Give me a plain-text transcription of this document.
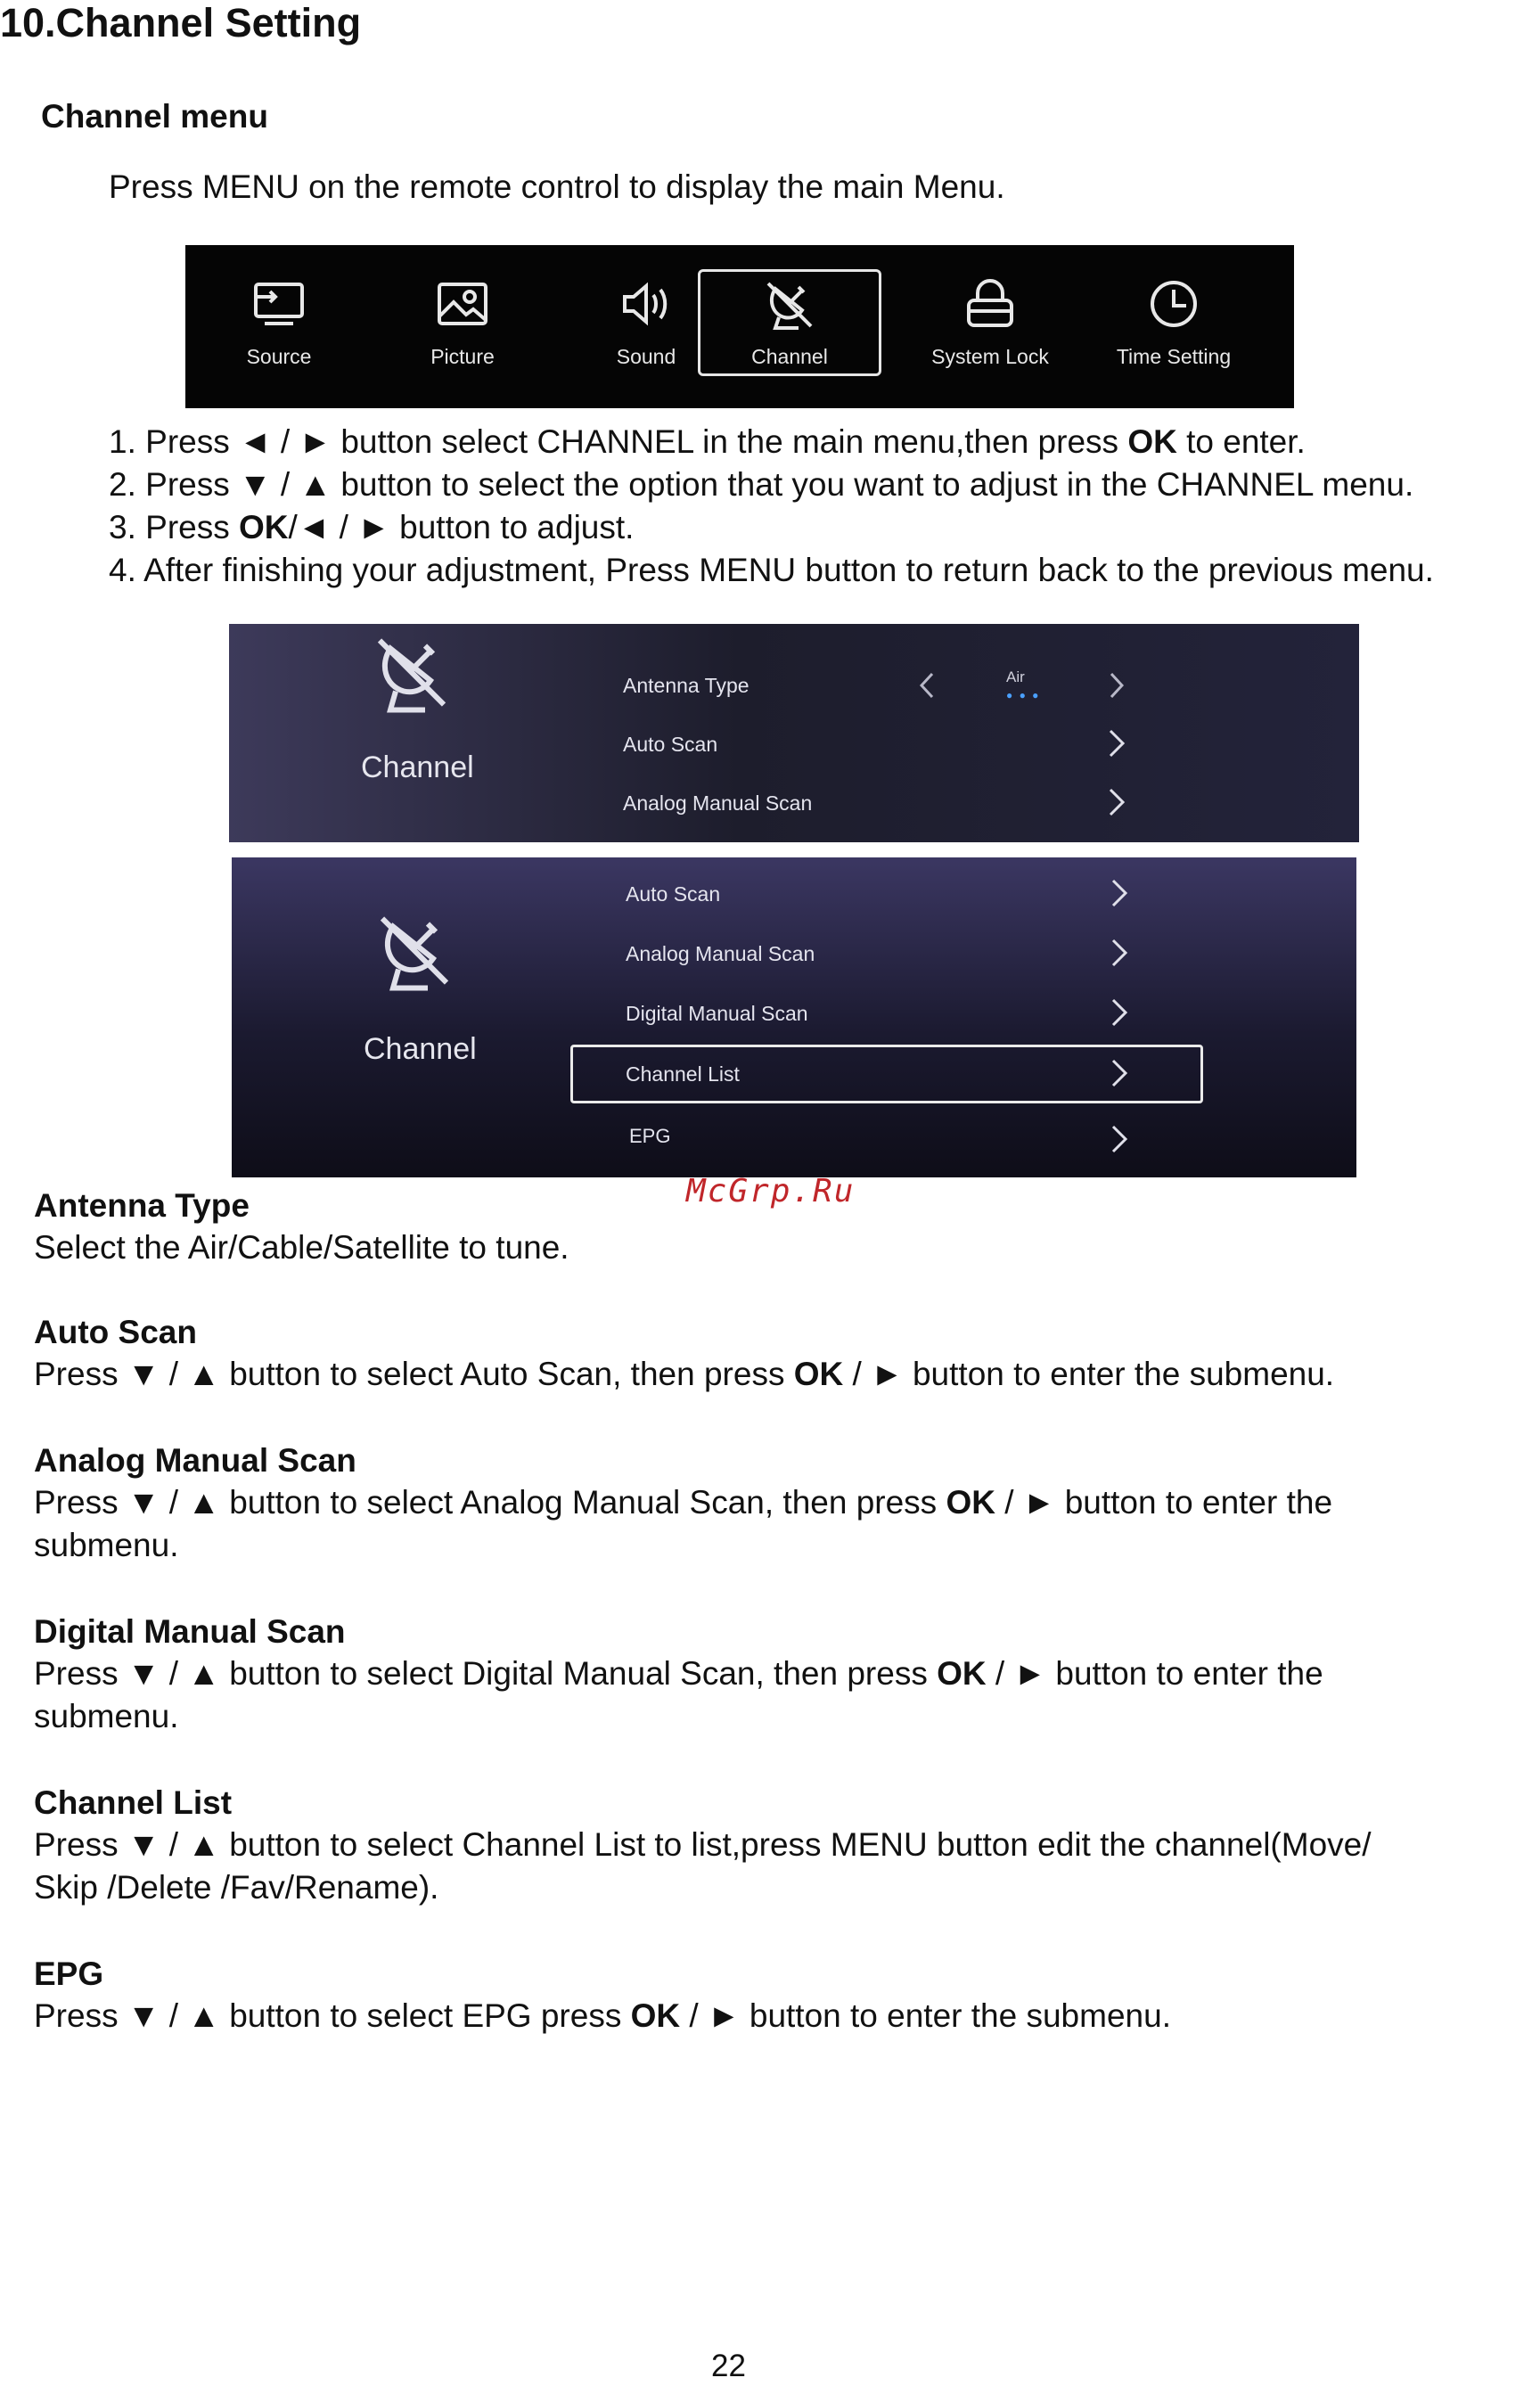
10.Channel Setting
Channel menu
Press MENU on the remote control to display the main Menu.
Source	Picture	Sound	Channel	System Lock	Time Setting
1. Press ◄ / ► button select CHANNEL in the main menu,then press OK to enter.
2. Press ▼ / ▲ button to select the option that you want to adjust in the CHANNEL menu.
3. Press OK/◄ / ► button to adjust.
4. After finishing your adjustment, Press MENU button to return back to the previous menu.
Channel
Antenna Type	Air
● ● ●
Auto Scan
Analog Manual Scan
Channel
Auto Scan
Analog Manual Scan
Digital Manual Scan
Channel List
EPG
McGrp.Ru
Antenna Type
Select the Air/Cable/Satellite to tune.
Auto Scan
Press ▼ / ▲ button to select Auto Scan, then press OK / ► button to enter the submenu.
Analog Manual Scan
Press ▼ / ▲ button to select Analog Manual Scan, then press OK / ► button to enter the
submenu.
Digital Manual Scan
Press ▼ / ▲ button to select Digital Manual Scan, then press OK / ► button to enter the
submenu.
Channel List
Press ▼ / ▲ button to select Channel List to list,press MENU button edit the channel(Move/
Skip /Delete /Fav/Rename).
EPG
Press ▼ / ▲ button to select EPG press OK / ► button to enter the submenu.
22
